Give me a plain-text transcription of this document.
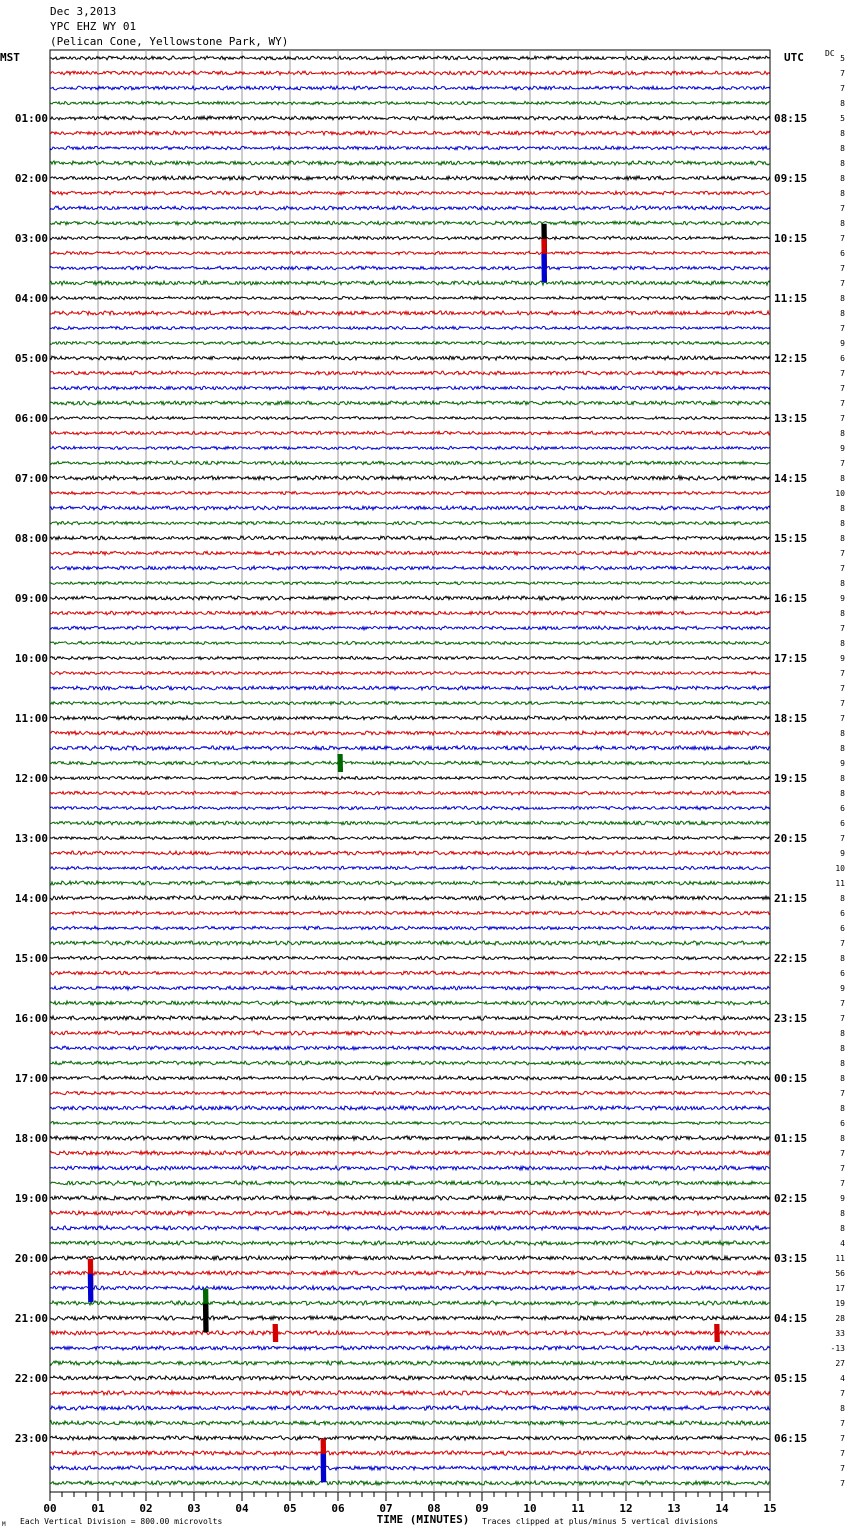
Dec 3,2013
YPC EHZ WY 01
(Pelican Cone, Yellowstone Park, WY)
MST	UTC	DC
01:00	08:15
02:00	09:15
03:00	10:15
04:00	11:15
05:00	12:15
06:00	13:15
07:00	14:15
08:00	15:15
09:00	16:15
10:00	17:15
11:00	18:15
12:00	19:15
13:00	20:15
14:00	21:15
15:00	22:15
16:00	23:15
17:00	00:15
18:00	01:15
19:00	02:15
20:00	03:15
21:00	04:15
22:00	05:15
23:00	06:15
5
7
7
8
5
8
8
8
8
8
7
8
7
6
7
7
8
8
7
9
6
7
7
7
7
8
9
7
8
10
8
8
8
7
7
8
9
8
7
8
9
7
7
7
7
8
8
9
8
8
6
6
7
9
10
11
8
6
6
7
8
6
9
7
7
8
8
8
8
7
8
6
8
7
7
7
9
8
8
4
11
56
17
19
28
33
-13
27
4
7
8
7
7
7
7
7
00	01	02	03	04	05	06	07	08	09	10	11	12	13	14	15
TIME (MINUTES)
M Each Vertical Division = 800.00 microvolts	Traces clipped at plus/minus 5 vertical divisions
